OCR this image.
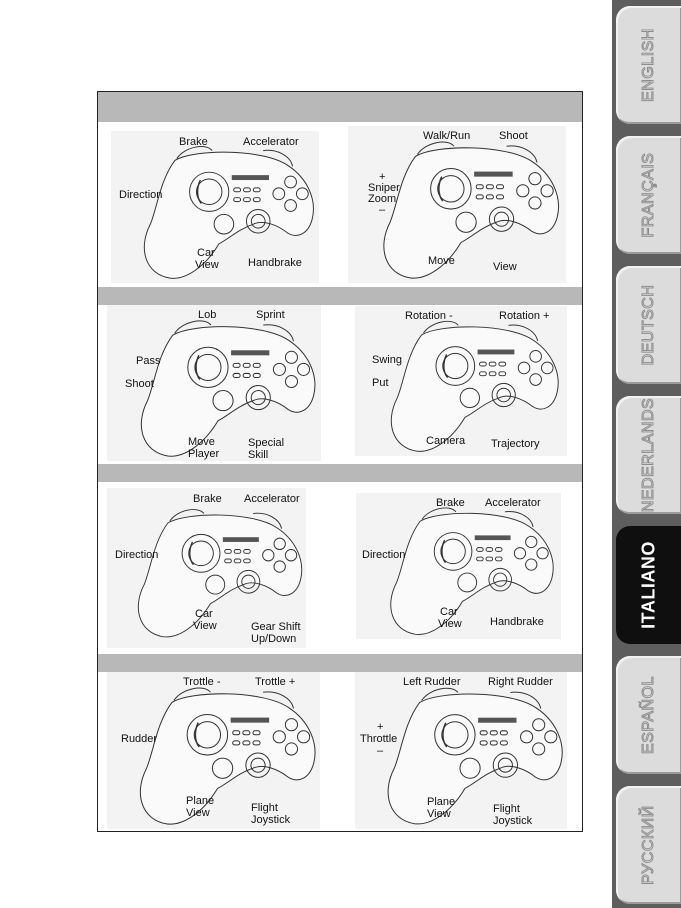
ENGLISH
FRANÇAIS
DEUTSCH
NEDERLANDS
ITALIANO
ESPAÑOL
РУССКИЙ
Brake	Accelerator
Direction
Car
View	Handbrake
Walk/Run	Shoot
+
Sniper
Zoom
–
Move	View
Lob	Sprint
Pass
Shoot
Move
Player
Special
Skill
Rotation -	Rotation +
Swing
Put
Camera Trajectory
Brake Accelerator
Direction
Car
View	Gear Shift
Up/Down
Brake Accelerator
Direction
Car
View	Handbrake
Trottle -	Trottle +
Rudder
Plane
View	Flight
Joystick
Left Rudder	Right Rudder
+
Throttle
–
Plane
View	Flight
Joystick
